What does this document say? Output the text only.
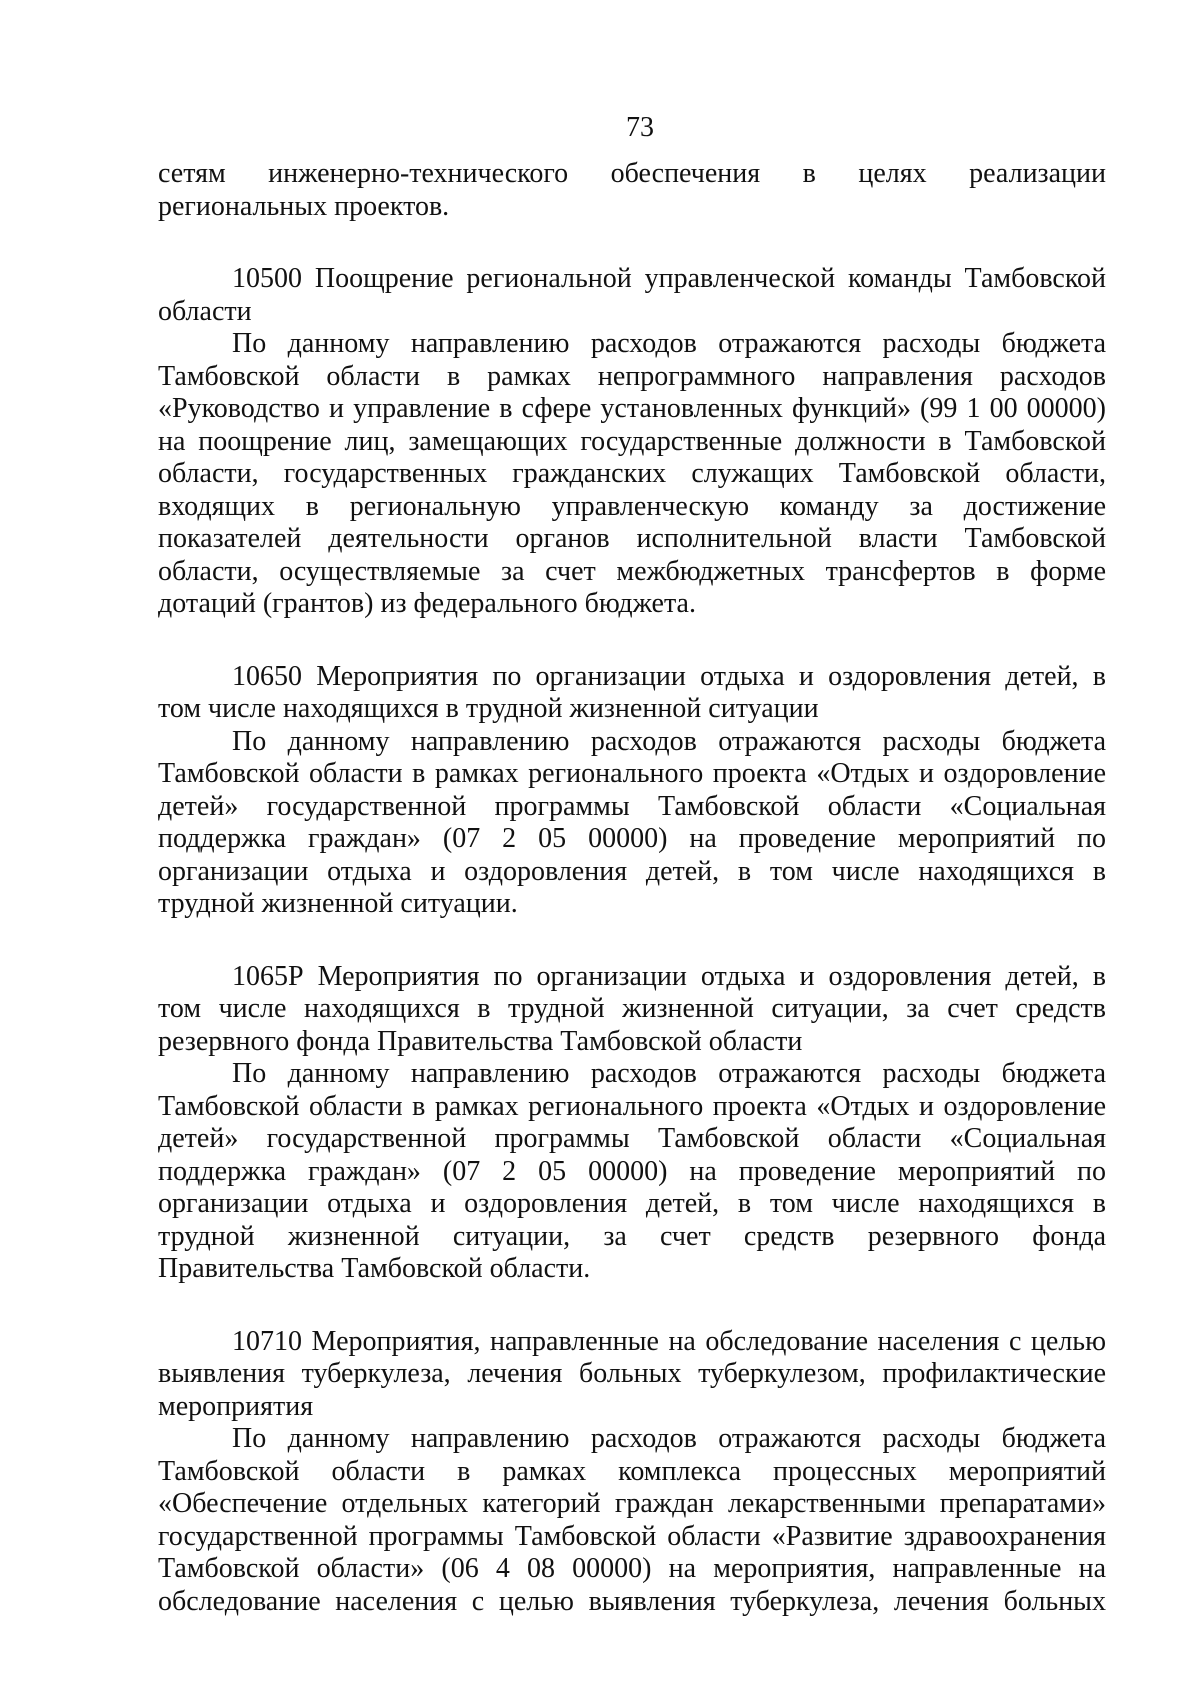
73
сетям инженерно-технического обеспечения в целях реализации
региональных проектов.
10500 Поощрение региональной управленческой команды Тамбовской
области
По данному направлению расходов отражаются расходы бюджета
Тамбовской области в рамках непрограммного направления расходов
«Руководство и управление в сфере установленных функций» (99 1 00 00000)
на поощрение лиц, замещающих государственные должности в Тамбовской
области, государственных гражданских служащих Тамбовской области,
входящих в региональную управленческую команду за достижение
показателей деятельности органов исполнительной власти Тамбовской
области, осуществляемые за счет межбюджетных трансфертов в форме
дотаций (грантов) из федерального бюджета.
10650 Мероприятия по организации отдыха и оздоровления детей, в
том числе находящихся в трудной жизненной ситуации
По данному направлению расходов отражаются расходы бюджета
Тамбовской области в рамках регионального проекта «Отдых и оздоровление
детей» государственной программы Тамбовской области «Социальная
поддержка граждан» (07 2 05 00000) на проведение мероприятий по
организации отдыха и оздоровления детей, в том числе находящихся в
трудной жизненной ситуации.
1065Р Мероприятия по организации отдыха и оздоровления детей, в
том числе находящихся в трудной жизненной ситуации, за счет средств
резервного фонда Правительства Тамбовской области
По данному направлению расходов отражаются расходы бюджета
Тамбовской области в рамках регионального проекта «Отдых и оздоровление
детей» государственной программы Тамбовской области «Социальная
поддержка граждан» (07 2 05 00000) на проведение мероприятий по
организации отдыха и оздоровления детей, в том числе находящихся в
трудной жизненной ситуации, за счет средств резервного фонда
Правительства Тамбовской области.
10710 Мероприятия, направленные на обследование населения с целью
выявления туберкулеза, лечения больных туберкулезом, профилактические
мероприятия
По данному направлению расходов отражаются расходы бюджета
Тамбовской области в рамках комплекса процессных мероприятий
«Обеспечение отдельных категорий граждан лекарственными препаратами»
государственной программы Тамбовской области «Развитие здравоохранения
Тамбовской области» (06 4 08 00000) на мероприятия, направленные на
обследование населения с целью выявления туберкулеза, лечения больных
